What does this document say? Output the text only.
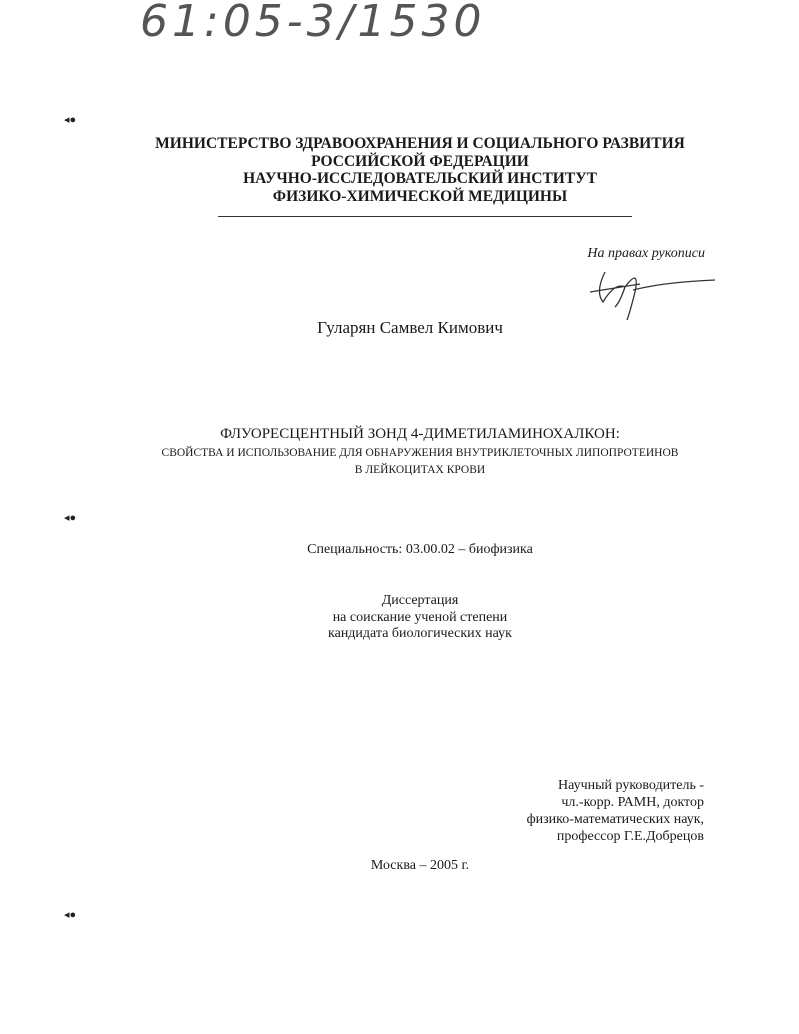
61:05-3/1530
◂●
◂●
◂●
МИНИСТЕРСТВО ЗДРАВООХРАНЕНИЯ И СОЦИАЛЬНОГО РАЗВИТИЯ
РОССИЙСКОЙ ФЕДЕРАЦИИ
НАУЧНО-ИССЛЕДОВАТЕЛЬСКИЙ ИНСТИТУТ
ФИЗИКО-ХИМИЧЕСКОЙ МЕДИЦИНЫ
На правах рукописи
Гуларян Самвел Кимович
ФЛУОРЕСЦЕНТНЫЙ ЗОНД 4-ДИМЕТИЛАМИНОХАЛКОН:
СВОЙСТВА И ИСПОЛЬЗОВАНИЕ ДЛЯ ОБНАРУЖЕНИЯ ВНУТРИКЛЕТОЧНЫХ ЛИПОПРОТЕИНОВ
В ЛЕЙКОЦИТАХ КРОВИ
Специальность: 03.00.02 – биофизика
Диссертация
на соискание ученой степени
кандидата биологических наук
Научный руководитель -
чл.-корр. РАМН, доктор
физико-математических наук,
профессор Г.Е.Добрецов
Москва – 2005 г.
